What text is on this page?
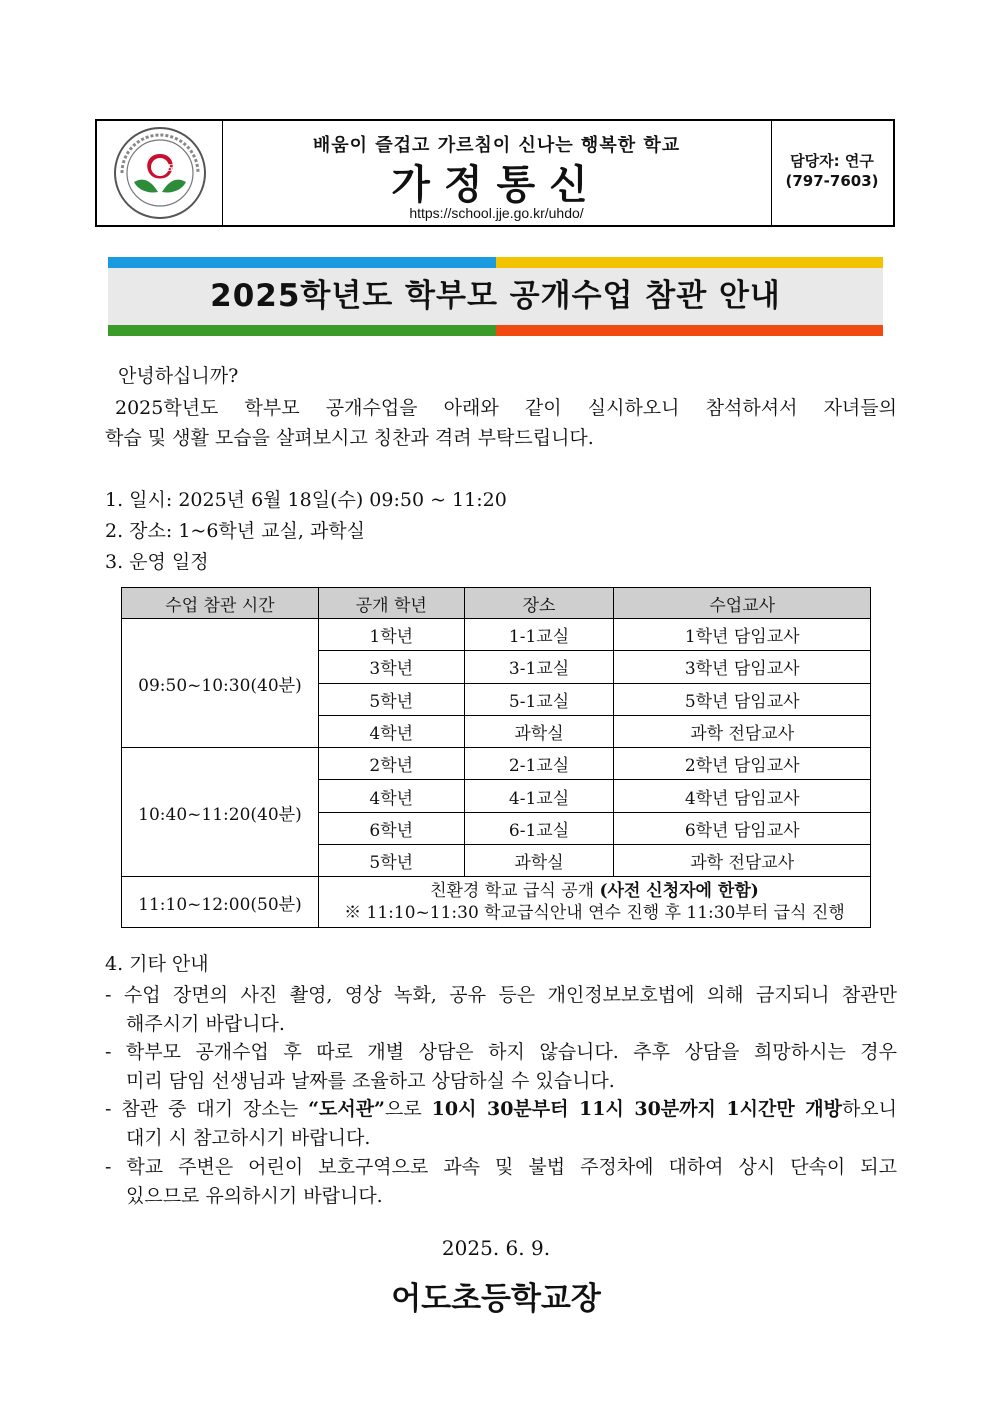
어도
배움이 즐겁고 가르침이 신나는 행복한 학교
가정통신
https://school.jje.go.kr/uhdo/
담당자: 연구
(797-7603)
2025학년도 학부모 공개수업 참관 안내
안녕하십니까?
2025학년도 학부모 공개수업을 아래와 같이 실시하오니 참석하셔서 자녀들의
학습 및 생활 모습을 살펴보시고 칭찬과 격려 부탁드립니다.
1. 일시: 2025년 6월 18일(수) 09:50 ~ 11:20
2. 장소: 1~6학년 교실, 과학실
3. 운영 일정
수업 참관 시간	공개 학년	장소	수업교사
09:50~10:30(40분)	1학년	1-1교실	1학년 담임교사
	3학년	3-1교실	3학년 담임교사
	5학년	5-1교실	5학년 담임교사
	4학년	과학실	과학 전담교사
10:40~11:20(40분)	2학년	2-1교실	2학년 담임교사
	4학년	4-1교실	4학년 담임교사
	6학년	6-1교실	6학년 담임교사
	5학년	과학실	과학 전담교사
11:10~12:00(50분)	친환경 학교 급식 공개 (사전 신청자에 한함)
※ 11:10~11:30 학교급식안내 연수 진행 후 11:30부터 급식 진행		
4. 기타 안내
- 수업 장면의 사진 촬영, 영상 녹화, 공유 등은 개인정보보호법에 의해 금지되니 참관만
해주시기 바랍니다.
- 학부모 공개수업 후 따로 개별 상담은 하지 않습니다. 추후 상담을 희망하시는 경우
미리 담임 선생님과 날짜를 조율하고 상담하실 수 있습니다.
- 참관 중 대기 장소는 “도서관”으로 10시 30분부터 11시 30분까지 1시간만 개방하오니
대기 시 참고하시기 바랍니다.
- 학교 주변은 어린이 보호구역으로 과속 및 불법 주정차에 대하여 상시 단속이 되고
있으므로 유의하시기 바랍니다.
2025. 6. 9.
어도초등학교장
